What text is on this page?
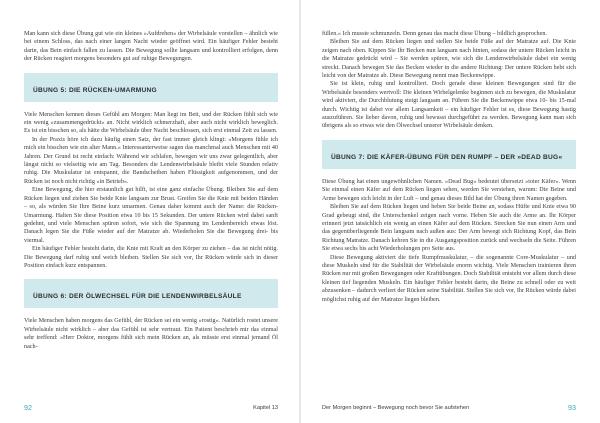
Man kann sich diese Übung gut wie ein kleines »Aufdrehen« der Wirbelsäule vorstellen – ähnlich wie bei einem Schloss, das nach einer langen Nacht wieder geöffnet wird. Ein häufiger Fehler besteht darin, das Bein einfach fallen zu lassen. Die Bewegung sollte langsam und kontrolliert erfolgen, denn der Rücken reagiert morgens besonders gut auf ruhige Bewegungen.

ÜBUNG 5: DIE RÜCKEN-UMARMUNG

Viele Menschen kennen dieses Gefühl am Morgen: Man liegt im Bett, und der Rücken fühlt sich wie ein wenig »zusammengedrückt« an. Nicht wirklich schmerzhaft, aber auch nicht wirklich beweglich. Es ist ein bisschen so, als hätte die Wirbelsäule über Nacht beschlossen, sich erst einmal Zeit zu lassen.

In der Praxis höre ich dazu häufig einen Satz, der fast immer gleich klingt: »Morgens fühle ich mich ein bisschen wie ein alter Mann.« Interessanterweise sagen das manchmal auch Menschen mit 40 Jahren. Der Grund ist recht einfach: Während wir schlafen, bewegen wir uns zwar gelegentlich, aber längst nicht so vielseitig wie am Tag. Besonders die Lendenwirbelsäule bleibt viele Stunden relativ ruhig. Die Muskulatur ist entspannt, die Bandscheiben haben Flüssigkeit aufgenommen, und der Rücken ist noch nicht richtig »in Betrieb«.

Eine Bewegung, die hier erstaunlich gut hilft, ist eine ganz einfache Übung. Bleiben Sie auf dem Rücken liegen und ziehen Sie beide Knie langsam zur Brust. Greifen Sie die Knie mit beiden Händen – so, als würden Sie Ihre Beine kurz umarmen. Genau daher kommt auch der Name: die Rücken-Umarmung. Halten Sie diese Position etwa 10 bis 15 Sekunden. Der untere Rücken wird dabei sanft gedehnt, und viele Menschen spüren sofort, wie sich die Spannung im Lendenbereich etwas löst. Danach legen Sie die Füße wieder auf der Matratze ab. Wiederholen Sie die Bewegung drei- bis viermal.

Ein häufiger Fehler besteht darin, die Knie mit Kraft an den Körper zu ziehen – das ist nicht nötig. Die Bewegung darf ruhig und weich bleiben. Stellen Sie sich vor, Ihr Rücken würde sich in dieser Position einfach kurz entspannen.

ÜBUNG 6: DER ÖLWECHSEL FÜR DIE LENDENWIRBELSÄULE

Viele Menschen haben morgens das Gefühl, der Rücken sei ein wenig »rostig«. Natürlich rostet unsere Wirbelsäule nicht wirklich – aber das Gefühl ist sehr vertraut. Ein Patient beschrieb mir das einmal sehr treffend: »Herr Doktor, morgens fühlt sich mein Rücken an, als müsste erst einmal jemand Öl nach-

92	Kapitel 13

füllen.« Ich musste schmunzeln. Denn genau das macht diese Übung – bildlich gesprochen.

Bleiben Sie auf dem Rücken liegen und stellen Sie beide Füße auf der Matratze auf. Die Knie zeigen nach oben. Kippen Sie Ihr Becken nun langsam nach hinten, sodass der untere Rücken leicht in die Matratze gedrückt wird – Sie werden spüren, wie sich die Lendenwirbelsäule dabei ein wenig streckt. Danach bewegen Sie das Becken wieder in die andere Richtung: Der untere Rücken hebt sich leicht von der Matratze ab. Diese Bewegung nennt man Beckenwippe.

Sie ist klein, ruhig und kontrolliert. Doch gerade diese kleinen Bewegungen sind für die Wirbelsäule besonders wertvoll: Die kleinen Wirbelgelenke beginnen sich zu bewegen, die Muskulatur wird aktiviert, die Durchblutung steigt langsam an. Führen Sie die Beckenwippe etwa 10- bis 15-mal durch. Wichtig ist dabei vor allem Langsamkeit – ein häufiger Fehler ist es, diese Bewegung hastig auszuführen. Sie lieber davon, ruhig und bewusst durchgeführt zu werden. Bewegung kann man sich übrigens als so etwas wie den Ölwechsel unserer Wirbelsäule denken.

ÜBUNG 7: DIE KÄFER-ÜBUNG FÜR DEN RUMPF – DER »DEAD BUG«

Diese Übung hat einen ungewöhnlichen Namen. »Dead Bug« bedeutet übersetzt »toter Käfer«. Wenn Sie einmal einen Käfer auf dem Rücken liegen sehen, werden Sie verstehen, warum: Die Beine und Arme bewegen sich leicht in der Luft – und genau dieses Bild hat der Übung ihren Namen gegeben.

Bleiben Sie auf dem Rücken liegen und heben Sie beide Beine an, sodass Hüfte und Knie etwa 90 Grad gebeugt sind, die Unterschenkel zeigen nach vorne. Heben Sie auch die Arme an. Ihr Körper erinnert jetzt tatsächlich ein wenig an einen Käfer auf dem Rücken. Strecken Sie nun einen Arm und das gegenüberliegende Bein langsam nach außen aus: Der Arm bewegt sich Richtung Kopf, das Bein Richtung Matratze. Danach kehren Sie in die Ausgangsposition zurück und wechseln die Seite. Führen Sie etwa sechs bis acht Wiederholungen pro Seite aus.

Diese Bewegung aktiviert die tiefe Rumpfmuskulatur, – die sogenannte Core-Muskulatur – und diese Muskeln sind für die Stabilität der Wirbelsäule enorm wichtig. Viele Menschen trainieren ihren Rücken nur mit großen Bewegungen oder Kraftübungen. Doch Stabilität entsteht vor allem durch diese kleinen tief liegenden Muskeln. Ein häufiger Fehler besteht darin, die Beine zu schnell oder zu weit abzusenken – dadurch verliert der Rücken seine Stabilität. Stellen Sie sich vor, Ihr Rücken würde dabei möglichst ruhig auf der Matratze liegen bleiben.

Der Morgen beginnt – Bewegung noch bevor Sie aufstehen	93
